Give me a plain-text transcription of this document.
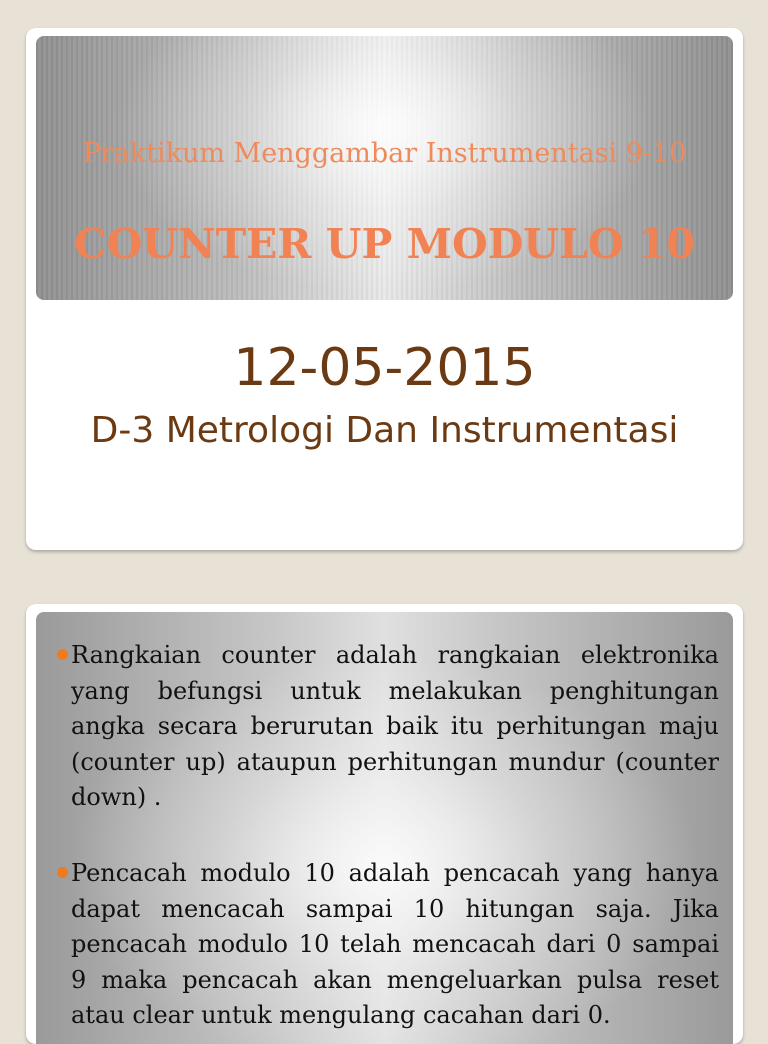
Praktikum Menggambar Instrumentasi 9-10
COUNTER UP MODULO 10
12-05-2015
D-3 Metrologi Dan Instrumentasi
Rangkaian counter adalah rangkaian elektronika yang befungsi untuk melakukan penghitungan angka secara berurutan baik itu perhitungan maju (counter up) ataupun perhitungan mundur (counter down) .
Pencacah modulo 10 adalah pencacah yang hanya dapat mencacah sampai 10 hitungan saja. Jika pencacah modulo 10 telah mencacah dari 0 sampai 9 maka pencacah akan mengeluarkan pulsa reset atau clear untuk mengulang cacahan dari 0.
